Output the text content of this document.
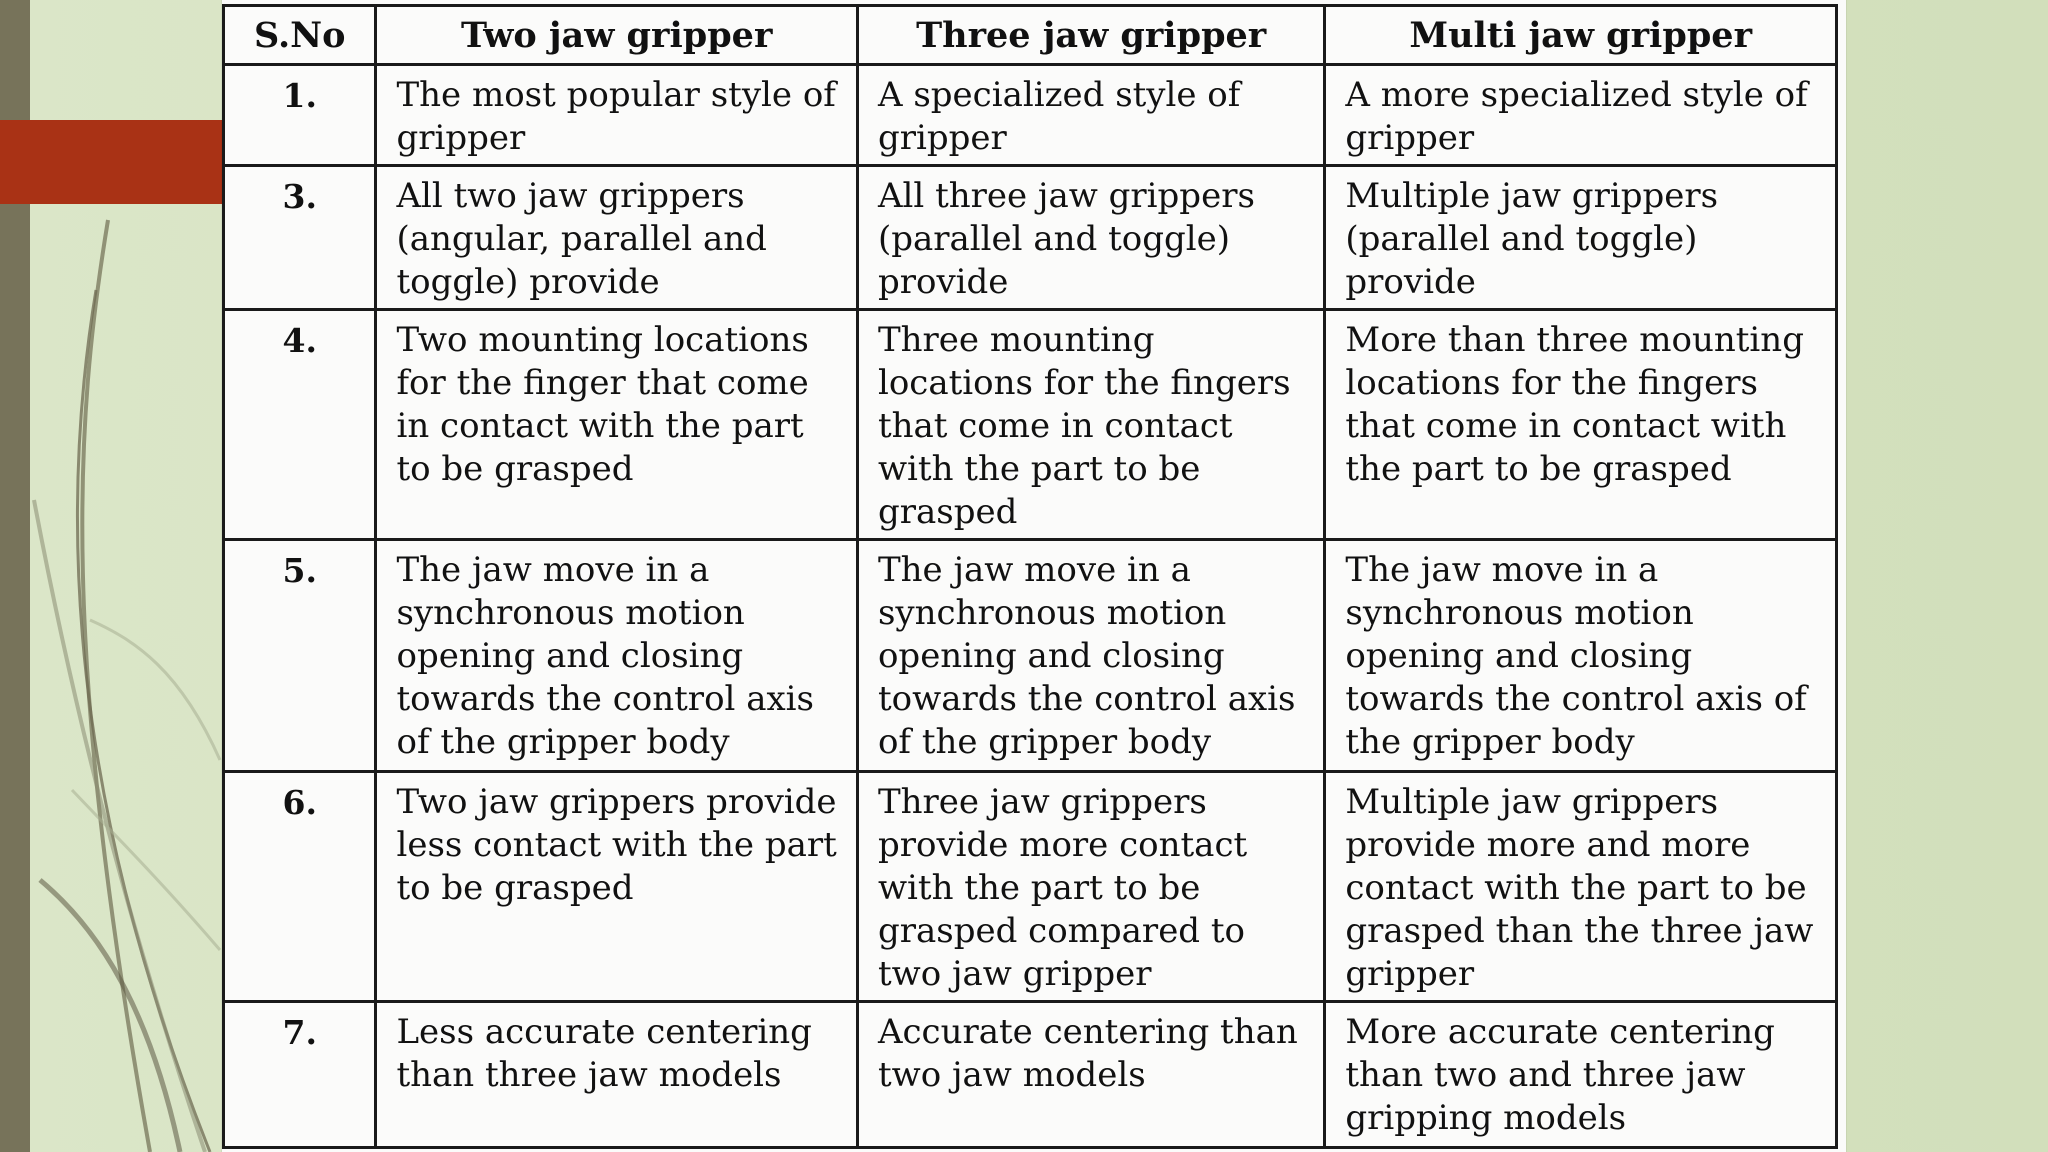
S.No	Two jaw gripper	Three jaw gripper	Multi jaw gripper
1.	The most popular style of gripper	A specialized style of gripper	A more specialized style of gripper
3.	All two jaw grippers (angular, parallel and toggle) provide	All three jaw grippers (parallel and toggle) provide	Multiple jaw grippers (parallel and toggle) provide
4.	Two mounting locations for the finger that come in contact with the part to be grasped	Three mounting locations for the fingers that come in contact with the part to be grasped	More than three mounting locations for the fingers that come in contact with the part to be grasped
5.	The jaw move in a synchronous motion opening and closing towards the control axis of the gripper body	The jaw move in a synchronous motion opening and closing towards the control axis of the gripper body	The jaw move in a synchronous motion opening and closing towards the control axis of the gripper body
6.	Two jaw grippers provide less contact with the part to be grasped	Three jaw grippers provide more contact with the part to be grasped compared to two jaw gripper	Multiple jaw grippers provide more and more contact with the part to be grasped than the three jaw gripper
7.	Less accurate centering than three jaw models	Accurate centering than two jaw models	More accurate centering than two and three jaw gripping models
